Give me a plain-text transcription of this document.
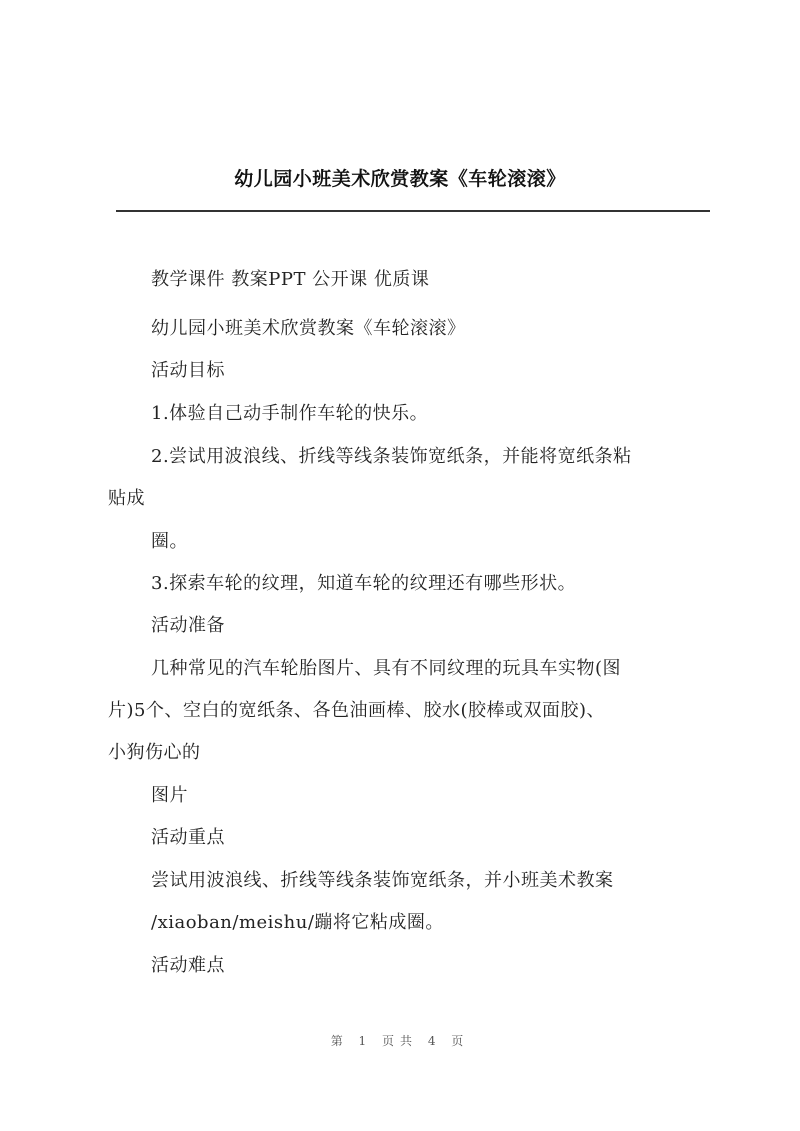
幼儿园小班美术欣赏教案《车轮滚滚》
教学课件 教案PPT 公开课 优质课
幼儿园小班美术欣赏教案《车轮滚滚》
活动目标
1.体验自己动手制作车轮的快乐。
2.尝试用波浪线、折线等线条装饰宽纸条，并能将宽纸条粘
贴成
圈。
3.探索车轮的纹理，知道车轮的纹理还有哪些形状。
活动准备
几种常见的汽车轮胎图片、具有不同纹理的玩具车实物(图
片)5个、空白的宽纸条、各色油画棒、胶水(胶棒或双面胶)、
小狗伤心的
图片
活动重点
尝试用波浪线、折线等线条装饰宽纸条，并小班美术教案
/xiaoban/meishu/蹦将它粘成圈。
活动难点
第 1 页共 4 页
